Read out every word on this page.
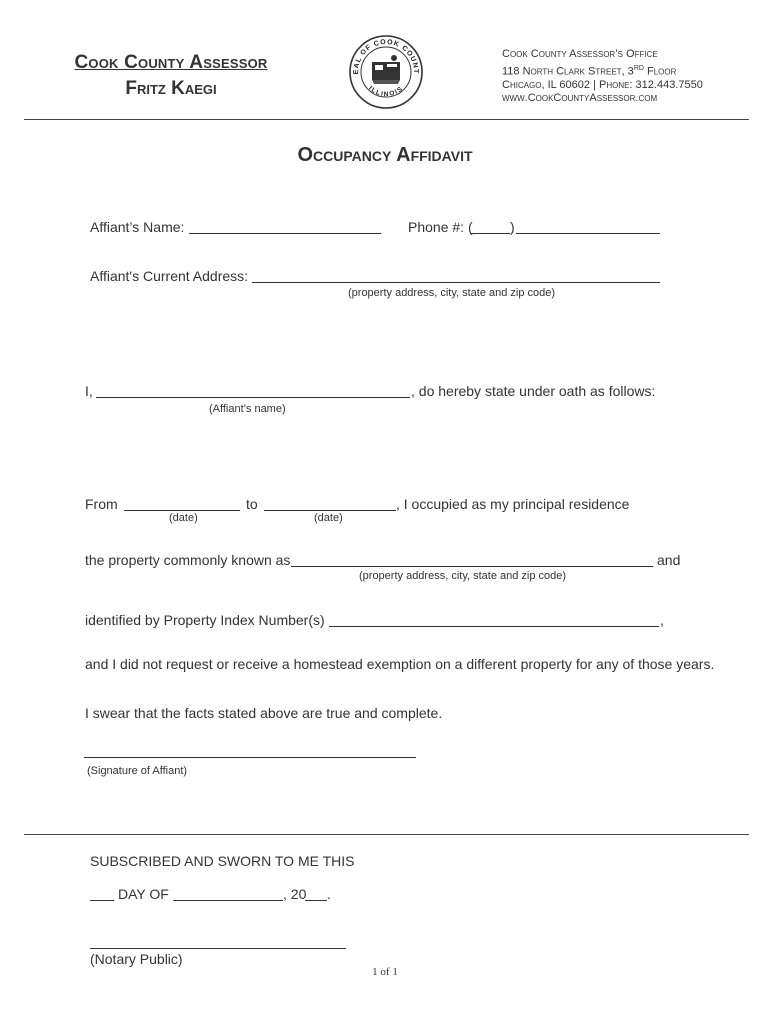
Cook County Assessor
Fritz Kaegi
EAL OF COOK COUNT
ILLINOIS
Cook County Assessor’s Office
118 North Clark Street, 3RD Floor
Chicago, IL 60602 | Phone: 312.443.7550
www.CookCountyAssessor.com
Occupancy Affidavit
Affiant’s Name:	Phone #: (	)
Affiant's Current Address:
(property address, city, state and zip code)
I,	, do hereby state under oath as follows:
(Affiant’s name)
From	to	, I occupied as my principal residence
(date)	(date)
the property commonly known as	and
(property address, city, state and zip code)
identified by Property Index Number(s)	,
and I did not request or receive a homestead exemption on a different property for any of those years.
I swear that the facts stated above are true and complete.
(Signature of Affiant)
SUBSCRIBED AND SWORN TO ME THIS
DAY OF	, 20 .
(Notary Public)
1 of 1
